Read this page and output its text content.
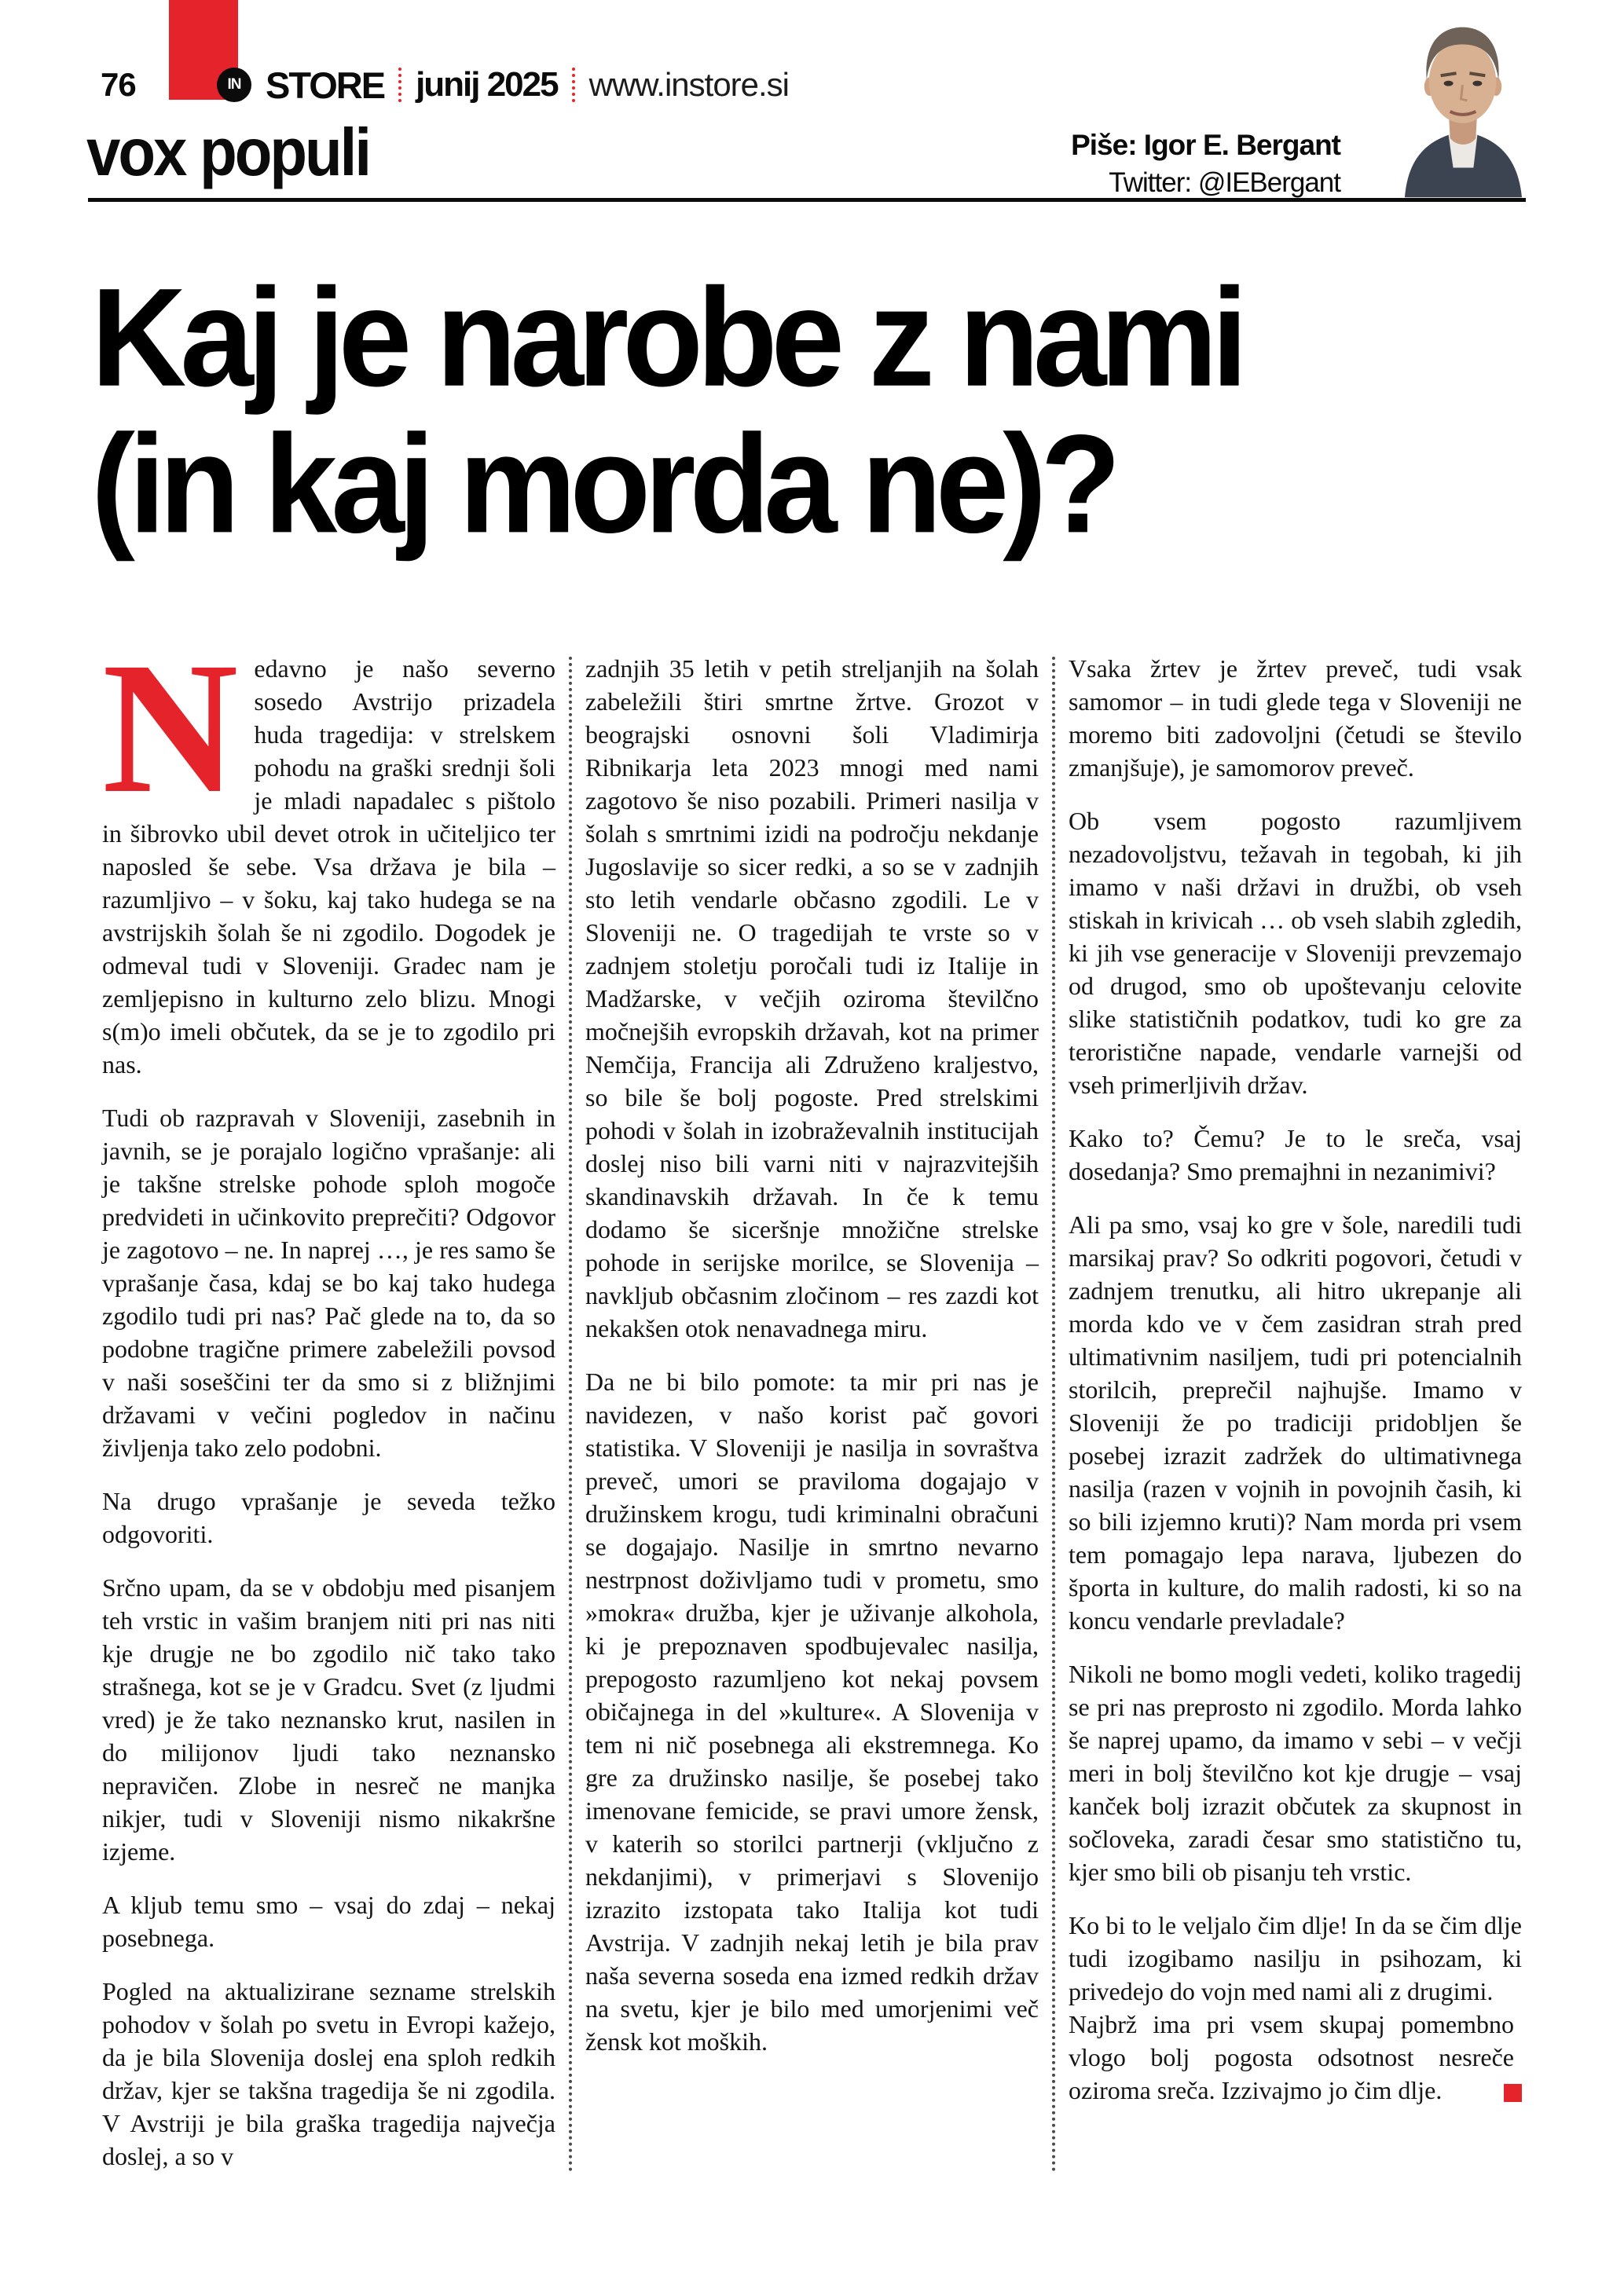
76	IN STORE junij 2025 www.instore.si
Piše: Igor E. Bergant
Twitter: @IEBergant
vox populi
Kaj je narobe z nami
(in kaj morda ne)?

Nedavno je našo severno sosedo Avstrijo prizadela huda tragedija: v strelskem pohodu na graški srednji šoli je mladi napadalec s pištolo in šibrovko ubil devet otrok in učiteljico ter naposled še sebe. Vsa država je bila – razumljivo – v šoku, kaj tako hudega se na avstrijskih šolah še ni zgodilo. Dogodek je odmeval tudi v Sloveniji. Gradec nam je zemljepisno in kulturno zelo blizu. Mnogi s(m)o imeli občutek, da se je to zgodilo pri nas.

Tudi ob razpravah v Sloveniji, zasebnih in javnih, se je porajalo logično vprašanje: ali je takšne strelske pohode sploh mogoče predvideti in učinkovito preprečiti? Odgovor je zagotovo – ne. In naprej …, je res samo še vprašanje časa, kdaj se bo kaj tako hudega zgodilo tudi pri nas? Pač glede na to, da so podobne tragične primere zabeležili povsod v naši soseščini ter da smo si z bližnjimi državami v večini pogledov in načinu življenja tako zelo podobni.

Na drugo vprašanje je seveda težko odgovoriti.

Srčno upam, da se v obdobju med pisanjem teh vrstic in vašim branjem niti pri nas niti kje drugje ne bo zgodilo nič tako tako strašnega, kot se je v Gradcu. Svet (z ljudmi vred) je že tako neznansko krut, nasilen in do milijonov ljudi tako neznansko nepravičen. Zlobe in nesreč ne manjka nikjer, tudi v Sloveniji nismo nikakršne izjeme.

A kljub temu smo – vsaj do zdaj – nekaj posebnega.

Pogled na aktualizirane sezname strelskih pohodov v šolah po svetu in Evropi kažejo, da je bila Slovenija doslej ena sploh redkih držav, kjer se takšna tragedija še ni zgodila. V Avstriji je bila graška tragedija največja doslej, a so v

zadnjih 35 letih v petih streljanjih na šolah zabeležili štiri smrtne žrtve. Grozot v beograjski osnovni šoli Vladimirja Ribnikarja leta 2023 mnogi med nami zagotovo še niso pozabili. Primeri nasilja v šolah s smrtnimi izidi na področju nekdanje Jugoslavije so sicer redki, a so se v zadnjih sto letih vendarle občasno zgodili. Le v Sloveniji ne. O tragedijah te vrste so v zadnjem stoletju poročali tudi iz Italije in Madžarske, v večjih oziroma številčno močnejših evropskih državah, kot na primer Nemčija, Francija ali Združeno kraljestvo, so bile še bolj pogoste. Pred strelskimi pohodi v šolah in izobraževalnih institucijah doslej niso bili varni niti v najrazvitejših skandinavskih državah. In če k temu dodamo še siceršnje množične strelske pohode in serijske morilce, se Slovenija – navkljub občasnim zločinom – res zazdi kot nekakšen otok nenavadnega miru.

Da ne bi bilo pomote: ta mir pri nas je navidezen, v našo korist pač govori statistika. V Sloveniji je nasilja in sovraštva preveč, umori se praviloma dogajajo v družinskem krogu, tudi kriminalni obračuni se dogajajo. Nasilje in smrtno nevarno nestrpnost doživljamo tudi v prometu, smo »mokra« družba, kjer je uživanje alkohola, ki je prepoznaven spodbujevalec nasilja, prepogosto razumljeno kot nekaj povsem običajnega in del »kulture«. A Slovenija v tem ni nič posebnega ali ekstremnega. Ko gre za družinsko nasilje, še posebej tako imenovane femicide, se pravi umore žensk, v katerih so storilci partnerji (vključno z nekdanjimi), v primerjavi s Slovenijo izrazito izstopata tako Italija kot tudi Avstrija. V zadnjih nekaj letih je bila prav naša severna soseda ena izmed redkih držav na svetu, kjer je bilo med umorjenimi več žensk kot moških.

Vsaka žrtev je žrtev preveč, tudi vsak samomor – in tudi glede tega v Sloveniji ne moremo biti zadovoljni (četudi se število zmanjšuje), je samomorov preveč.

Ob vsem pogosto razumljivem nezadovoljstvu, težavah in tegobah, ki jih imamo v naši državi in družbi, ob vseh stiskah in krivicah … ob vseh slabih zgledih, ki jih vse generacije v Sloveniji prevzemajo od drugod, smo ob upoštevanju celovite slike statističnih podatkov, tudi ko gre za teroristične napade, vendarle varnejši od vseh primerljivih držav.

Kako to? Čemu? Je to le sreča, vsaj dosedanja? Smo premajhni in nezanimivi?

Ali pa smo, vsaj ko gre v šole, naredili tudi marsikaj prav? So odkriti pogovori, četudi v zadnjem trenutku, ali hitro ukrepanje ali morda kdo ve v čem zasidran strah pred ultimativnim nasiljem, tudi pri potencialnih storilcih, preprečil najhujše. Imamo v Sloveniji že po tradiciji pridobljen še posebej izrazit zadržek do ultimativnega nasilja (razen v vojnih in povojnih časih, ki so bili izjemno kruti)? Nam morda pri vsem tem pomagajo lepa narava, ljubezen do športa in kulture, do malih radosti, ki so na koncu vendarle prevladale?

Nikoli ne bomo mogli vedeti, koliko tragedij se pri nas preprosto ni zgodilo. Morda lahko še naprej upamo, da imamo v sebi – v večji meri in bolj številčno kot kje drugje – vsaj kanček bolj izrazit občutek za skupnost in sočloveka, zaradi česar smo statistično tu, kjer smo bili ob pisanju teh vrstic.

Ko bi to le veljalo čim dlje! In da se čim dlje tudi izogibamo nasilju in psihozam, ki privedejo do vojn med nami ali z drugimi.

Najbrž ima pri vsem skupaj pomembno vlogo bolj pogosta odsotnost nesreče oziroma sreča. Izzivajmo jo čim dlje.
